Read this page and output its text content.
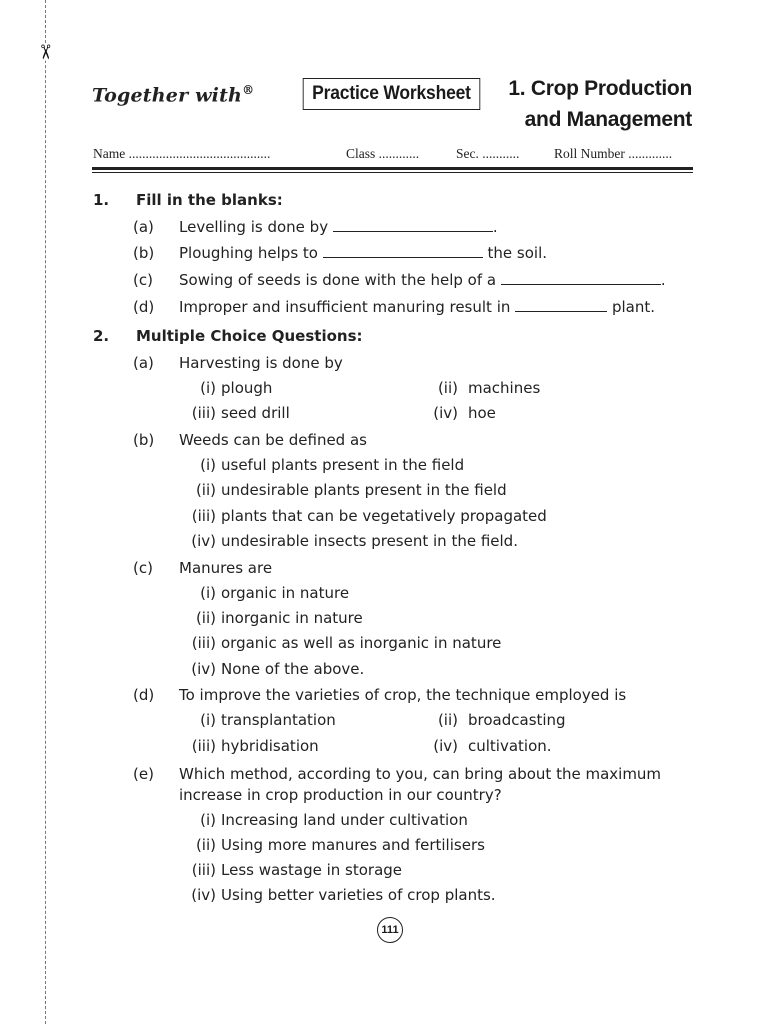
✂
Together with®	Practice Worksheet	1. Crop Production
and Management
Name ..........................................	Class ............	Sec. ...........	Roll Number .............
1. Fill in the blanks:
(a) Levelling is done by	.
(b) Ploughing helps to	the soil.
(c) Sowing of seeds is done with the help of a	.
(d) Improper and insufficient manuring result in	plant.
2. Multiple Choice Questions:
(a) Harvesting is done by
(i) plough	(ii) machines
(iii) seed drill	(iv) hoe
(b) Weeds can be defined as
(i) useful plants present in the field
(ii) undesirable plants present in the field
(iii) plants that can be vegetatively propagated
(iv) undesirable insects present in the field.
(c) Manures are
(i) organic in nature
(ii) inorganic in nature
(iii) organic as well as inorganic in nature
(iv) None of the above.
(d) To improve the varieties of crop, the technique employed is
(i) transplantation	(ii) broadcasting
(iii) hybridisation	(iv) cultivation.
(e) Which method, according to you, can bring about the maximum
increase in crop production in our country?
(i) Increasing land under cultivation
(ii) Using more manures and fertilisers
(iii) Less wastage in storage
(iv) Using better varieties of crop plants.
111
